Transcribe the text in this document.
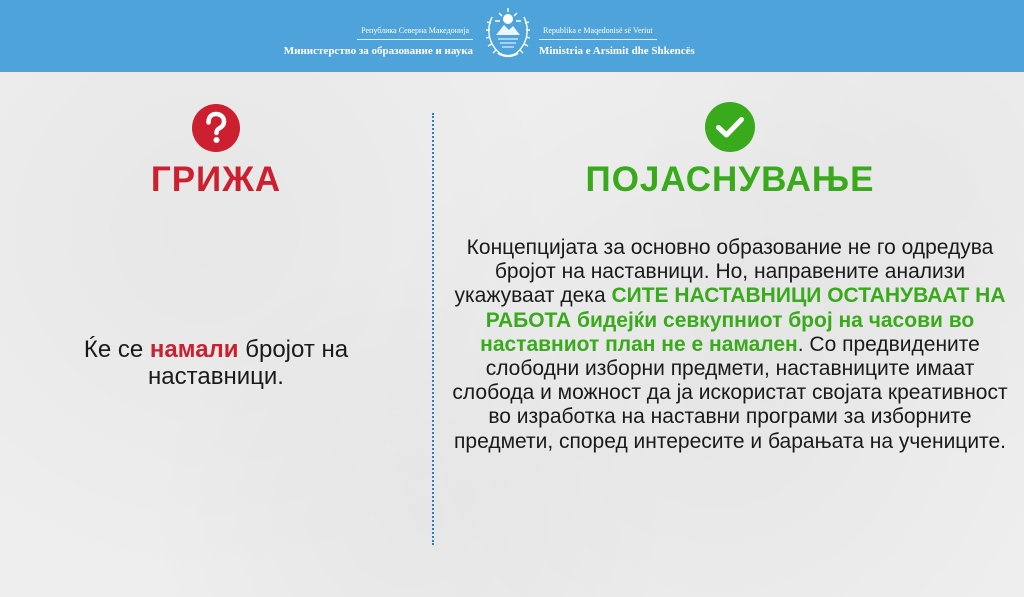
Република Северна Македонија
Министерство за образование и наука
Republika e Maqedonisë së Veriut
Ministria e Arsimit dhe Shkencës
ГРИЖА
Ќе се намали бројот на наставници.
ПОЈАСНУВАЊЕ
Концепцијата за основно образование не го одредува бројот на наставници. Но, направените анализи укажуваат дека СИТЕ НАСТАВНИЦИ ОСТАНУВААТ НА РАБОТА бидејќи севкупниот број на часови во наставниот план не е намален. Со предвидените слободни изборни предмети, наставниците имаат слобода и можност да ја искористат својата креативност во изработка на наставни програми за изборните предмети, според интересите и барањата на учениците.
